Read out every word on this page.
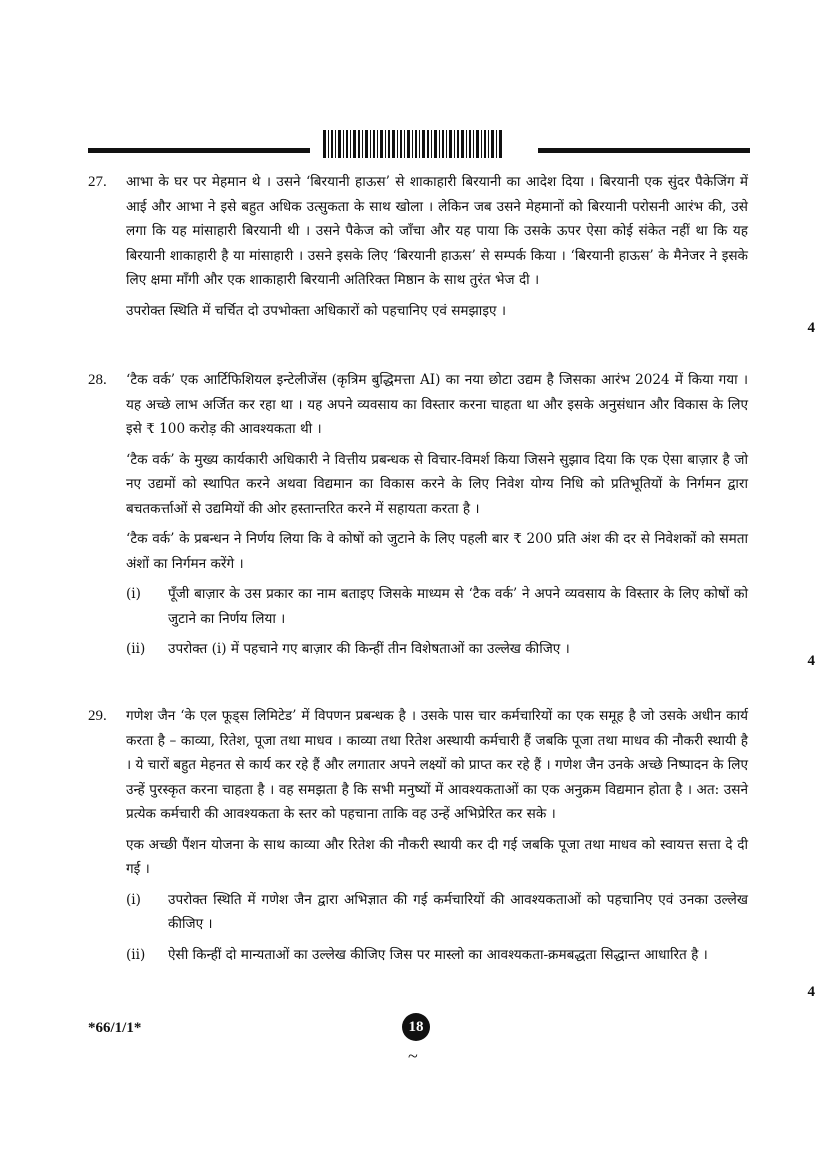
27. आभा के घर पर मेहमान थे । उसने ‘बिरयानी हाऊस’ से शाकाहारी बिरयानी का आदेश दिया । बिरयानी एक सुंदर पैकेजिंग में आई और आभा ने इसे बहुत अधिक उत्सुकता के साथ खोला । लेकिन जब उसने मेहमानों को बिरयानी परोसनी आरंभ की, उसे लगा कि यह मांसाहारी बिरयानी थी । उसने पैकेज को जाँचा और यह पाया कि उसके ऊपर ऐसा कोई संकेत नहीं था कि यह बिरयानी शाकाहारी है या मांसाहारी । उसने इसके लिए ‘बिरयानी हाऊस’ से सम्पर्क किया । ‘बिरयानी हाऊस’ के मैनेजर ने इसके लिए क्षमा माँगी और एक शाकाहारी बिरयानी अतिरिक्त मिष्ठान के साथ तुरंत भेज दी ।

उपरोक्त स्थिति में चर्चित दो उपभोक्ता अधिकारों को पहचानिए एवं समझाइए ।

4
28. ‘टैक वर्क’ एक आर्टिफिशियल इन्टेलीजेंस (कृत्रिम बुद्धिमत्ता AI) का नया छोटा उद्यम है जिसका आरंभ 2024 में किया गया । यह अच्छे लाभ अर्जित कर रहा था । यह अपने व्यवसाय का विस्तार करना चाहता था और इसके अनुसंधान और विकास के लिए इसे ₹ 100 करोड़ की आवश्यकता थी ।

‘टैक वर्क’ के मुख्य कार्यकारी अधिकारी ने वित्तीय प्रबन्धक से विचार-विमर्श किया जिसने सुझाव दिया कि एक ऐसा बाज़ार है जो नए उद्यमों को स्थापित करने अथवा विद्यमान का विकास करने के लिए निवेश योग्य निधि को प्रतिभूतियों के निर्गमन द्वारा बचतकर्त्ताओं से उद्यमियों की ओर हस्तान्तरित करने में सहायता करता है ।

‘टैक वर्क’ के प्रबन्धन ने निर्णय लिया कि वे कोषों को जुटाने के लिए पहली बार ₹ 200 प्रति अंश की दर से निवेशकों को समता अंशों का निर्गमन करेंगे ।

(i) पूँजी बाज़ार के उस प्रकार का नाम बताइए जिसके माध्यम से ‘टैक वर्क’ ने अपने व्यवसाय के विस्तार के लिए कोषों को जुटाने का निर्णय लिया ।
(ii) उपरोक्त (i) में पहचाने गए बाज़ार की किन्हीं तीन विशेषताओं का उल्लेख कीजिए ।
4
29. गणेश जैन ‘के एल फूड्स लिमिटेड’ में विपणन प्रबन्धक है । उसके पास चार कर्मचारियों का एक समूह है जो उसके अधीन कार्य करता है – काव्या, रितेश, पूजा तथा माधव । काव्या तथा रितेश अस्थायी कर्मचारी हैं जबकि पूजा तथा माधव की नौकरी स्थायी है । ये चारों बहुत मेहनत से कार्य कर रहे हैं और लगातार अपने लक्ष्यों को प्राप्त कर रहे हैं । गणेश जैन उनके अच्छे निष्पादन के लिए उन्हें पुरस्कृत करना चाहता है । वह समझता है कि सभी मनुष्यों में आवश्यकताओं का एक अनुक्रम विद्यमान होता है । अत: उसने प्रत्येक कर्मचारी की आवश्यकता के स्तर को पहचाना ताकि वह उन्हें अभिप्रेरित कर सके ।

एक अच्छी पैंशन योजना के साथ काव्या और रितेश की नौकरी स्थायी कर दी गई जबकि पूजा तथा माधव को स्वायत्त सत्ता दे दी गई ।

(i) उपरोक्त स्थिति में गणेश जैन द्वारा अभिज्ञात की गई कर्मचारियों की आवश्यकताओं को पहचानिए एवं उनका उल्लेख कीजिए ।
(ii) ऐसी किन्हीं दो मान्यताओं का उल्लेख कीजिए जिस पर मास्लो का आवश्यकता-क्रमबद्धता सिद्धान्त आधारित है ।
4
*66/1/1*	18
~
